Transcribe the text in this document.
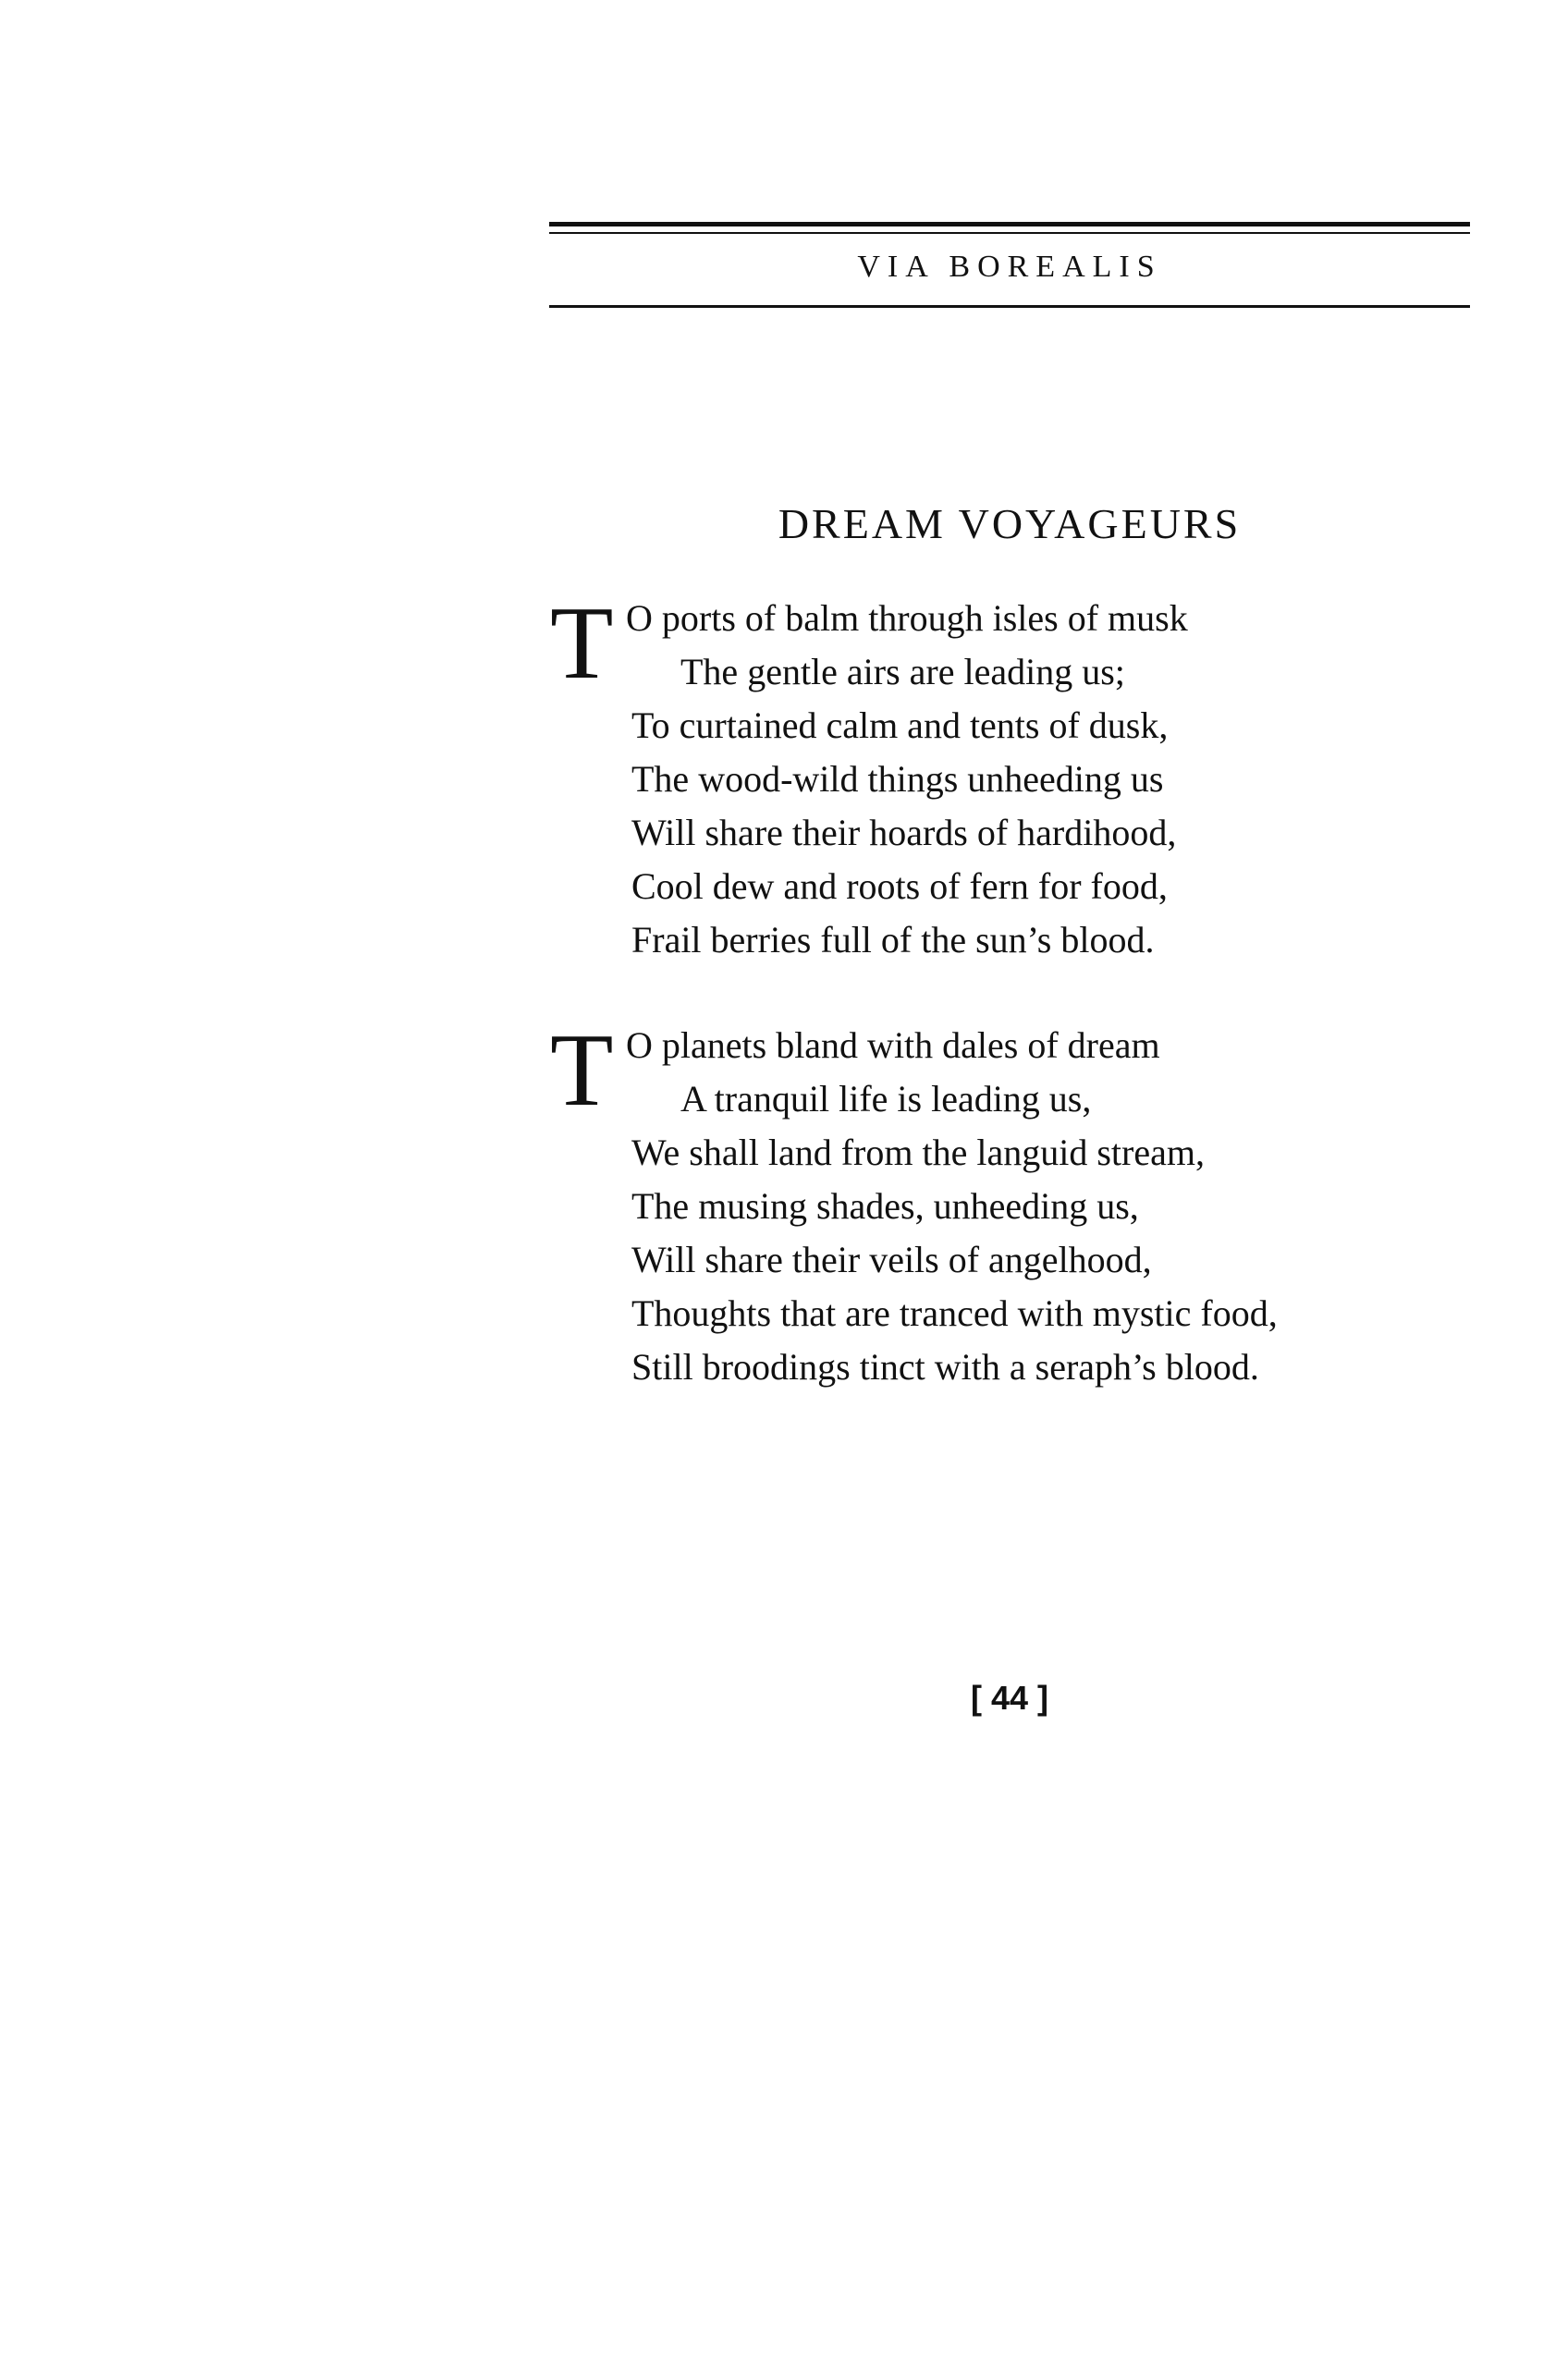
VIA BOREALIS
DREAM VOYAGEURS
T O ports of balm through isles of musk
The gentle airs are leading us;
To curtained calm and tents of dusk,
The wood-wild things unheeding us
Will share their hoards of hardihood,
Cool dew and roots of fern for food,
Frail berries full of the sun’s blood.
T O planets bland with dales of dream
A tranquil life is leading us,
We shall land from the languid stream,
The musing shades, unheeding us,
Will share their veils of angelhood,
Thoughts that are tranced with mystic food,
Still broodings tinct with a seraph’s blood.
[ 44 ]
